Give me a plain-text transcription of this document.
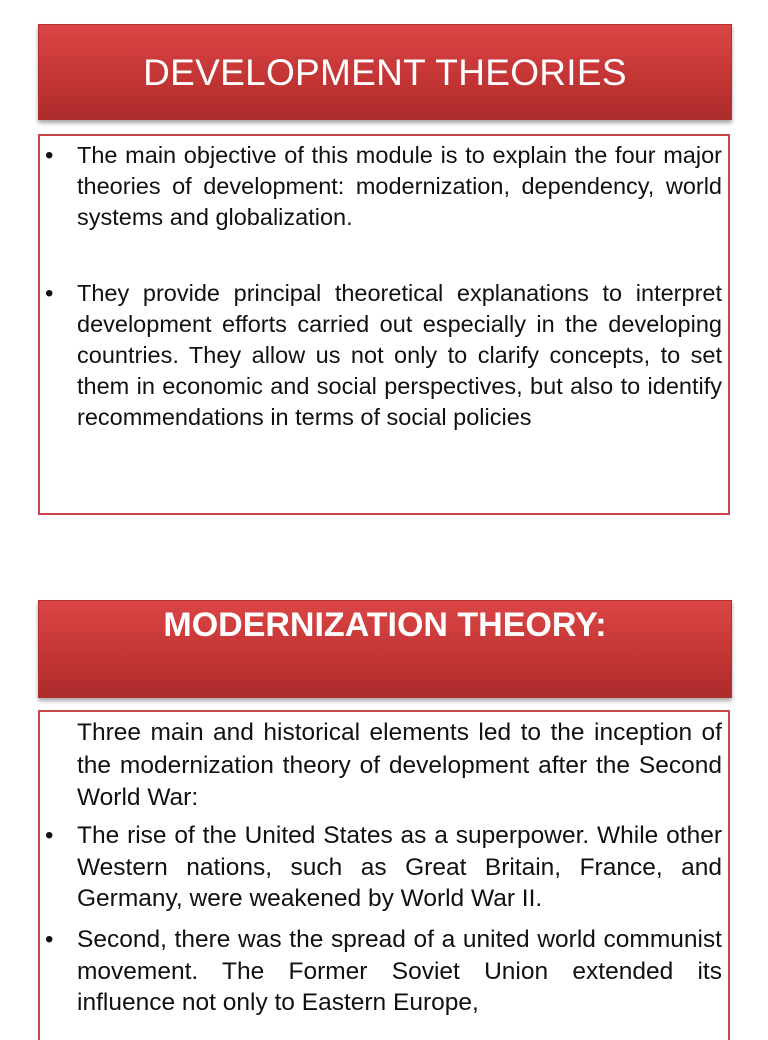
DEVELOPMENT THEORIES
• The main objective of this module is to explain the four major theories of development: modernization, dependency, world systems and globalization.
• They provide principal theoretical explanations to interpret development efforts carried out especially in the developing countries. They allow us not only to clarify concepts, to set them in economic and social perspectives, but also to identify recommendations in terms of social policies
MODERNIZATION THEORY:
Three main and historical elements led to the inception of the modernization theory of development after the Second World War:
• The rise of the United States as a superpower. While other Western nations, such as Great Britain, France, and Germany, were weakened by World War II.
• Second, there was the spread of a united world communist movement. The Former Soviet Union extended its influence not only to Eastern Europe,
